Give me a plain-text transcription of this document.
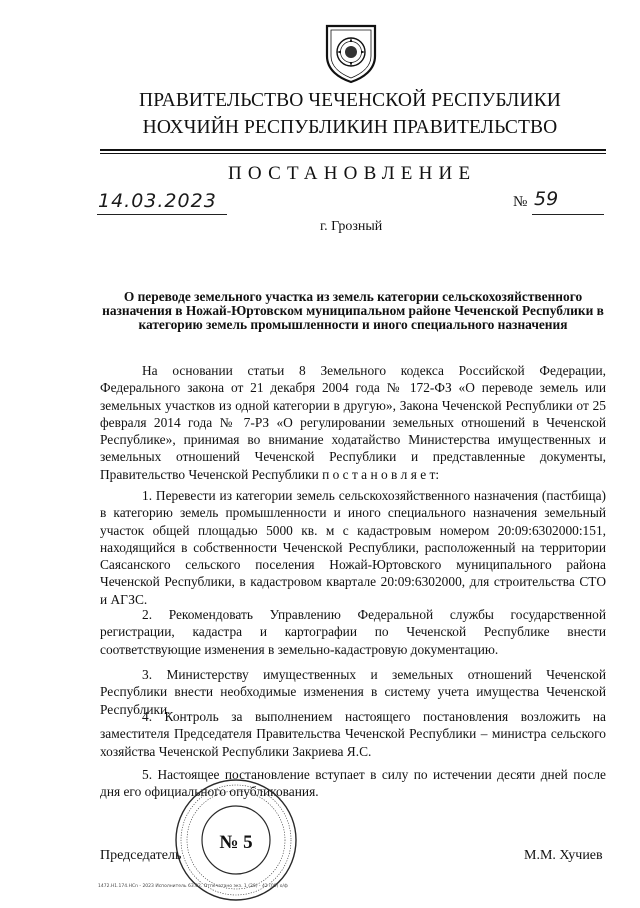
ПРАВИТЕЛЬСТВО ЧЕЧЕНСКОЙ РЕСПУБЛИКИ
НОХЧИЙН РЕСПУБЛИКИН ПРАВИТЕЛЬСТВО
ПОСТАНОВЛЕНИЕ
14.03.2023	№ 59
г. Грозный
О переводе земельного участка из земель категории сельскохозяйственного назначения в Ножай-Юртовском муниципальном районе Чеченской Республики в категорию земель промышленности и иного специального назначения
На основании статьи 8 Земельного кодекса Российской Федерации, Федерального закона от 21 декабря 2004 года № 172-ФЗ «О переводе земель или земельных участков из одной категории в другую», Закона Чеченской Республики от 25 февраля 2014 года № 7-РЗ «О регулировании земельных отношений в Чеченской Республике», принимая во внимание ходатайство Министерства имущественных и земельных отношений Чеченской Республики и представленные документы, Правительство Чеченской Республики п о с т а н о в л я е т:
1. Перевести из категории земель сельскохозяйственного назначения (пастбища) в категорию земель промышленности и иного специального назначения земельный участок общей площадью 5000 кв. м с кадастровым номером 20:09:6302000:151, находящийся в собственности Чеченской Республики, расположенный на территории Саясанского сельского поселения Ножай-Юртовского муниципального района Чеченской Республики, в кадастровом квартале 20:09:6302000, для строительства СТО и АГЗС.
2. Рекомендовать Управлению Федеральной службы государственной регистрации, кадастра и картографии по Чеченской Республике внести соответствующие изменения в земельно-кадастровую документацию.
3. Министерству имущественных и земельных отношений Чеченской Республики внести необходимые изменения в систему учета имущества Чеченской Республики.
4. Контроль за выполнением настоящего постановления возложить на заместителя Председателя Правительства Чеченской Республики – министра сельского хозяйства Чеченской Республики Закриева Я.С.
5. Настоящее постановление вступает в силу по истечении десяти дней после дня его официального опубликования.
№ 5
Председатель	М.М. Хучиев
1472.H1.174.HCn - 2023 Исполнитель 63.02. Отпечатано экз. 1 (20) - 41 (09) о/ф
